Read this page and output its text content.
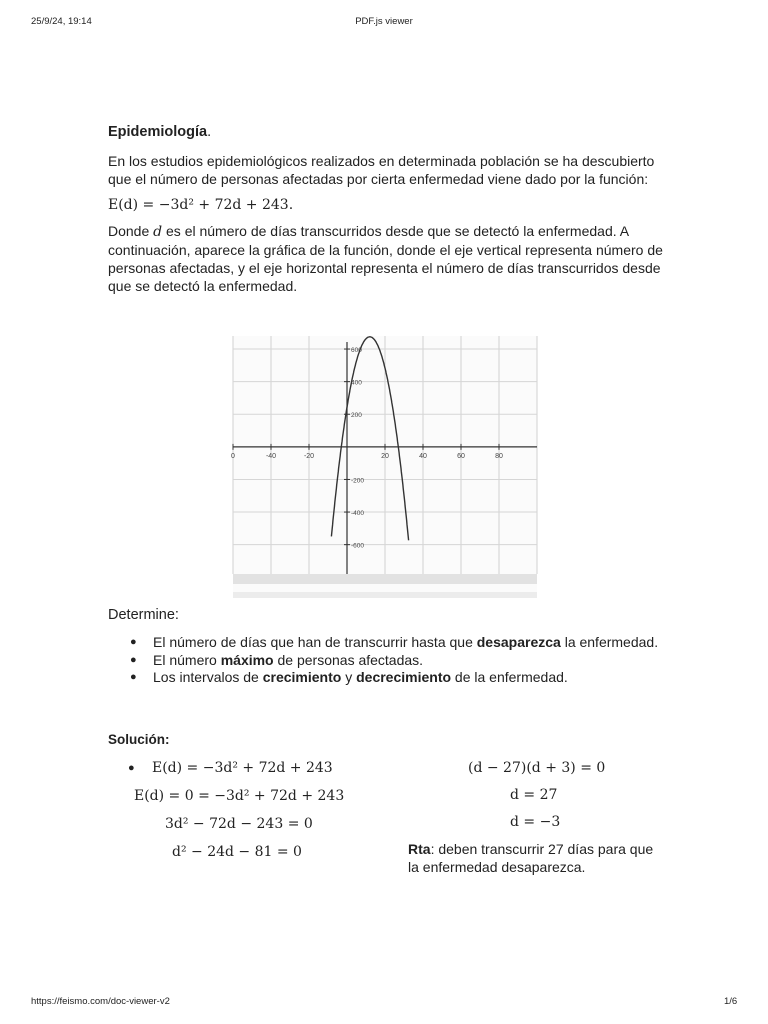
25/9/24, 19:14	PDF.js viewer

Epidemiología.

En los estudios epidemiológicos realizados en determinada población se ha descubierto que el número de personas afectadas por cierta enfermedad viene dado por la función:

E(d) = −3d² + 72d + 243.

Donde d es el número de días transcurridos desde que se detectó la enfermedad. A continuación, aparece la gráfica de la función, donde el eje vertical representa número de personas afectadas, y el eje horizontal representa el número de días transcurridos desde que se detectó la enfermedad.

0	-40	-20	20	40	60	80
-600
-400
-200
200
400
600
Determine:
● El número de días que han de transcurrir hasta que desaparezca la enfermedad.
● El número máximo de personas afectadas.
● Los intervalos de crecimiento y decrecimiento de la enfermedad.
Solución:
● E(d) = −3d² + 72d + 243
E(d) = 0 = −3d² + 72d + 243
3d² − 72d − 243 = 0
d² − 24d − 81 = 0
(d − 27)(d + 3) = 0
d = 27
d = −3
Rta: deben transcurrir 27 días para que la enfermedad desaparezca.
https://feismo.com/doc-viewer-v2	1/6
